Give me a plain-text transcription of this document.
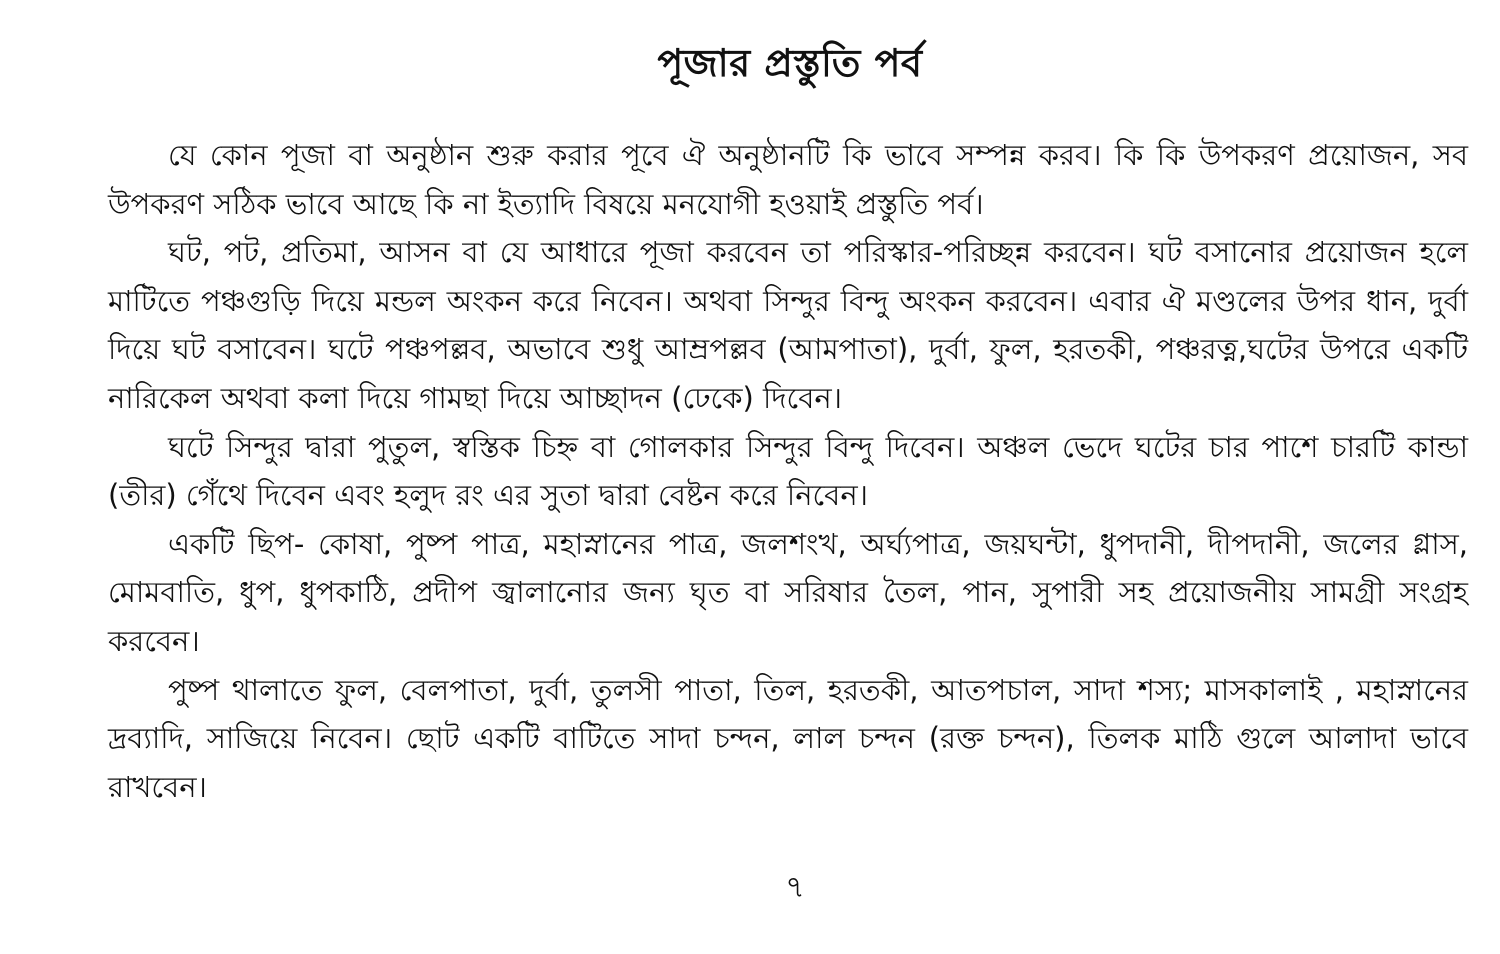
পূজার প্রস্তুতি পর্ব

যে কোন পূজা বা অনুষ্ঠান শুরু করার পূবে ঐ অনুষ্ঠানটি কি ভাবে সম্পন্ন করব। কি কি উপকরণ প্রয়োজন, সব উপকরণ সঠিক ভাবে আছে কি না ইত্যাদি বিষয়ে মনযোগী হওয়াই প্রস্তুতি পর্ব।

ঘট, পট, প্রতিমা, আসন বা যে আধারে পূজা করবেন তা পরিস্কার-পরিচ্ছন্ন করবেন। ঘট বসানোর প্রয়োজন হলে মাটিতে পঞ্চগুড়ি দিয়ে মন্ডল অংকন করে নিবেন। অথবা সিন্দুর বিন্দু অংকন করবেন। এবার ঐ মণ্ডলের উপর ধান, দুর্বা দিয়ে ঘট বসাবেন। ঘটে পঞ্চপল্লব, অভাবে শুধু আম্রপল্লব (আমপাতা), দুর্বা, ফুল, হরতকী, পঞ্চরত্ন,ঘটের উপরে একটি নারিকেল অথবা কলা দিয়ে গামছা দিয়ে আচ্ছাদন (ঢেকে) দিবেন।

ঘটে সিন্দুর দ্বারা পুতুল, স্বস্তিক চিহ্ন বা গোলকার সিন্দুর বিন্দু দিবেন। অঞ্চল ভেদে ঘটের চার পাশে চারটি কান্ডা (তীর) গেঁথে দিবেন এবং হলুদ রং এর সুতা দ্বারা বেষ্টন করে নিবেন।

একটি ছিপ- কোষা, পুষ্প পাত্র, মহাস্নানের পাত্র, জলশংখ, অর্ঘ্যপাত্র, জয়ঘন্টা, ধুপদানী, দীপদানী, জলের গ্লাস, মোমবাতি, ধুপ, ধুপকাঠি, প্রদীপ জ্বালানোর জন্য ঘৃত বা সরিষার তৈল, পান, সুপারী সহ প্রয়োজনীয় সামগ্রী সংগ্রহ করবেন।

পুষ্প থালাতে ফুল, বেলপাতা, দুর্বা, তুলসী পাতা, তিল, হরতকী, আতপচাল, সাদা শস্য; মাসকালাই , মহাস্নানের দ্রব্যাদি, সাজিয়ে নিবেন। ছোট একটি বাটিতে সাদা চন্দন, লাল চন্দন (রক্ত চন্দন), তিলক মাঠি গুলে আলাদা ভাবে রাখবেন।

৭
